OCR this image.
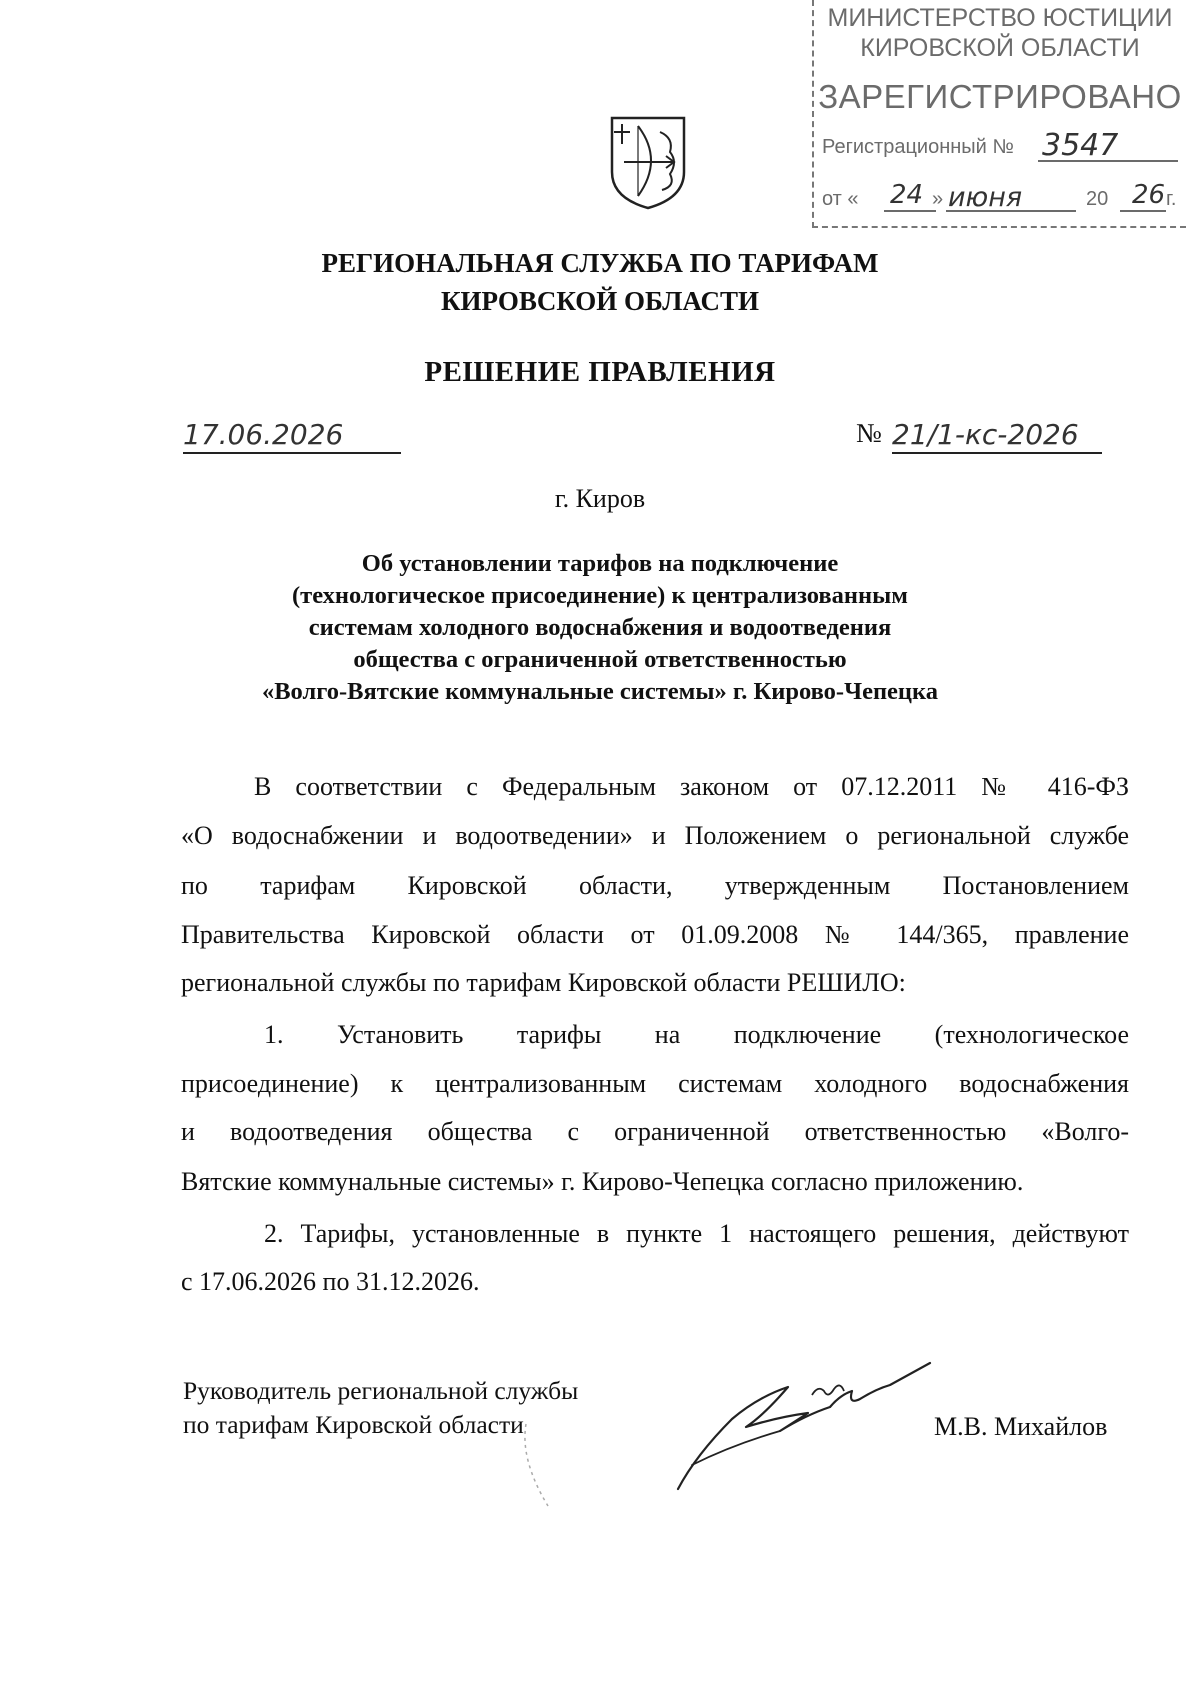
МИНИСТЕРСТВО ЮСТИЦИИ
КИРОВСКОЙ ОБЛАСТИ
ЗАРЕГИСТРИРОВАНО
Регистрационный № 3547
от « 24 » июня	20 26 г.
РЕГИОНАЛЬНАЯ СЛУЖБА ПО ТАРИФАМ
КИРОВСКОЙ ОБЛАСТИ
РЕШЕНИЕ ПРАВЛЕНИЯ
17.06.2026	№ 21/1-кс-2026
г. Киров
Об установлении тарифов на подключение
(технологическое присоединение) к централизованным
системам холодного водоснабжения и водоотведения
общества с ограниченной ответственностью
«Волго-Вятские коммунальные системы» г. Кирово-Чепецка
В соответствии с Федеральным законом от 07.12.2011 № 416-ФЗ
«О водоснабжении и водоотведении» и Положением о региональной службе
по тарифам Кировской области, утвержденным Постановлением
Правительства Кировской области от 01.09.2008 № 144/365, правление
региональной службы по тарифам Кировской области РЕШИЛО:
1. Установить тарифы на подключение (технологическое
присоединение) к централизованным системам холодного водоснабжения
и водоотведения общества с ограниченной ответственностью «Волго-
Вятские коммунальные системы» г. Кирово-Чепецка согласно приложению.
2. Тарифы, установленные в пункте 1 настоящего решения, действуют
с 17.06.2026 по 31.12.2026.
Руководитель региональной службы
по тарифам Кировской области	М.В. Михайлов
